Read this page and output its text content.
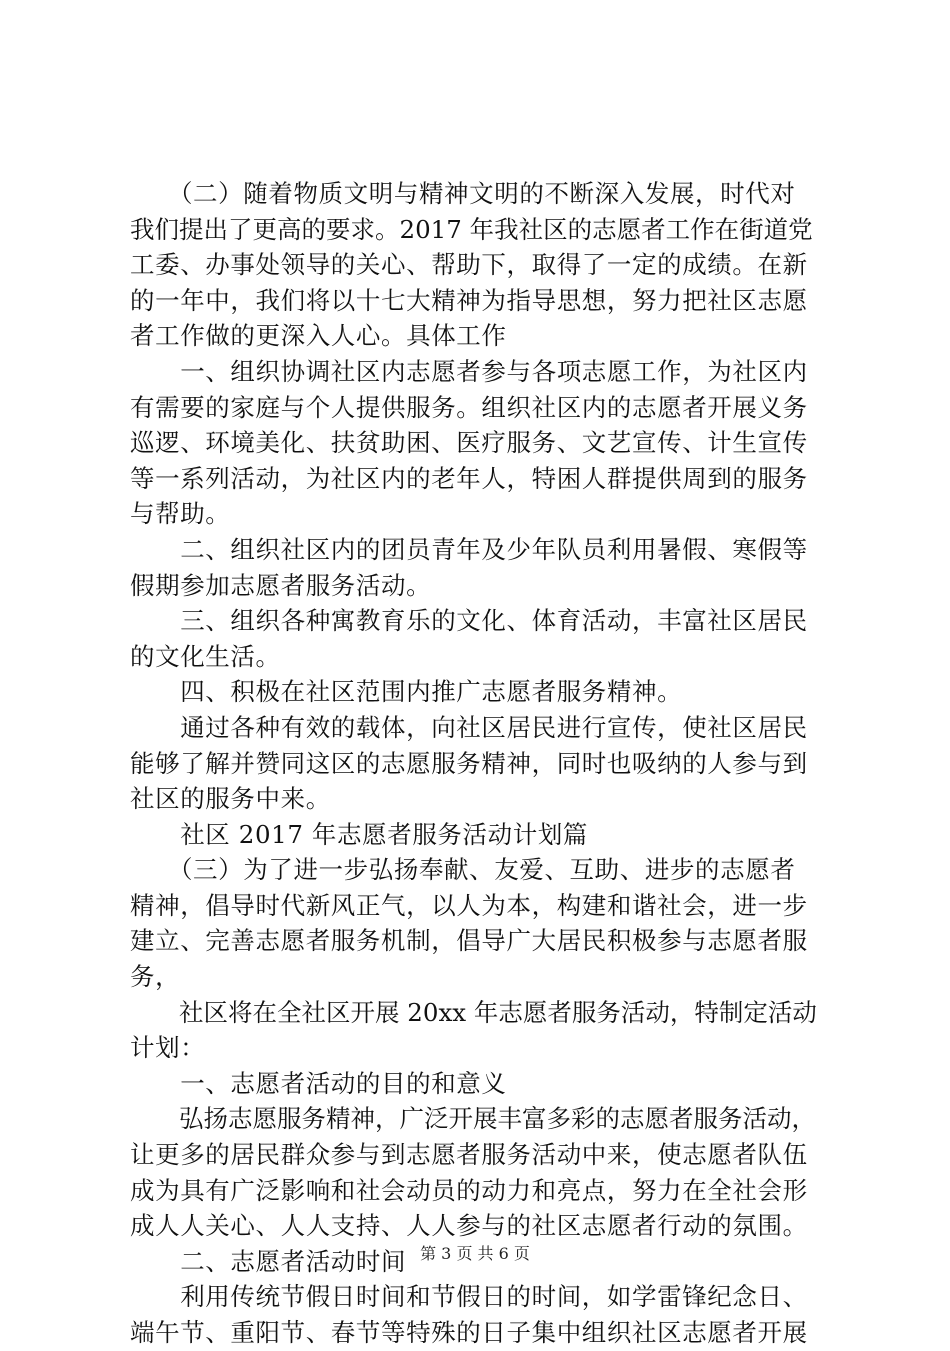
　　（二）随着物质文明与精神文明的不断深入发展，时代对
我们提出了更高的要求。2017 年我社区的志愿者工作在街道党
工委、办事处领导的关心、帮助下，取得了一定的成绩。在新
的一年中，我们将以十七大精神为指导思想，努力把社区志愿
者工作做的更深入人心。具体工作
　　一、组织协调社区内志愿者参与各项志愿工作，为社区内
有需要的家庭与个人提供服务。组织社区内的志愿者开展义务
巡逻、环境美化、扶贫助困、医疗服务、文艺宣传、计生宣传
等一系列活动，为社区内的老年人，特困人群提供周到的服务
与帮助。
　　二、组织社区内的团员青年及少年队员利用暑假、寒假等
假期参加志愿者服务活动。
　　三、组织各种寓教育乐的文化、体育活动，丰富社区居民
的文化生活。
　　四、积极在社区范围内推广志愿者服务精神。
　　通过各种有效的载体，向社区居民进行宣传，使社区居民
能够了解并赞同这区的志愿服务精神，同时也吸纳的人参与到
社区的服务中来。
　　社区 2017 年志愿者服务活动计划篇
　　（三）为了进一步弘扬奉献、友爱、互助、进步的志愿者
精神，倡导时代新风正气，以人为本，构建和谐社会，进一步
建立、完善志愿者服务机制，倡导广大居民积极参与志愿者服
务，
　　社区将在全社区开展 20xx 年志愿者服务活动，特制定活动
计划：
　　一、志愿者活动的目的和意义
　　弘扬志愿服务精神，广泛开展丰富多彩的志愿者服务活动，
让更多的居民群众参与到志愿者服务活动中来，使志愿者队伍
成为具有广泛影响和社会动员的动力和亮点，努力在全社会形
成人人关心、人人支持、人人参与的社区志愿者行动的氛围。
　　二、志愿者活动时间
　　利用传统节假日时间和节假日的时间，如学雷锋纪念日、
端午节、重阳节、春节等特殊的日子集中组织社区志愿者开展
第 3 页 共 6 页
